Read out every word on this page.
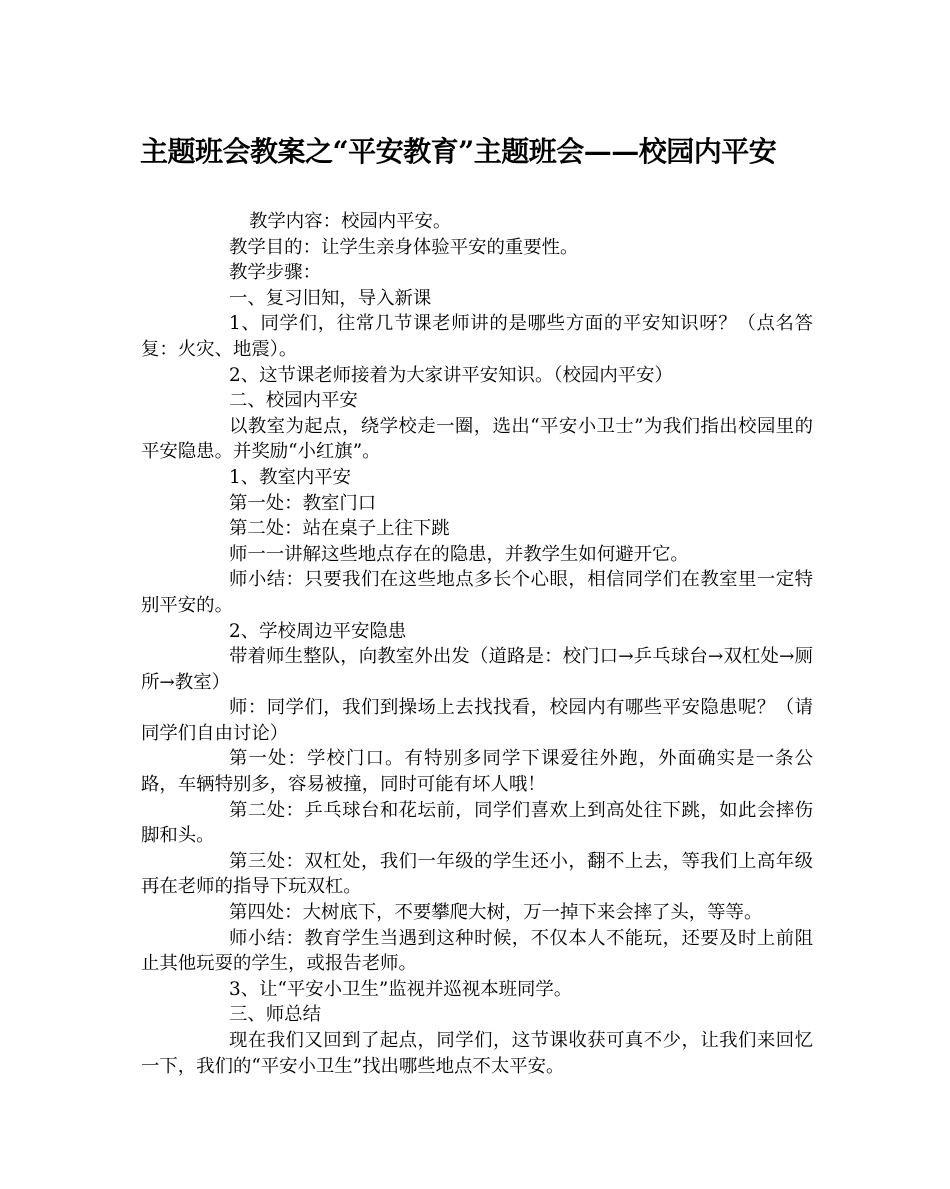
主题班会教案之“平安教育”主题班会——校园内平安

教学内容：校园内平安。

教学目的：让学生亲身体验平安的重要性。

教学步骤：

一、复习旧知，导入新课

1、同学们，往常几节课老师讲的是哪些方面的平安知识呀？（点名答复：火灾、地震）。

2、这节课老师接着为大家讲平安知识。（校园内平安）

二、校园内平安

以教室为起点，绕学校走一圈，选出“平安小卫士”为我们指出校园里的平安隐患。并奖励“小红旗”。

1、教室内平安

第一处：教室门口

第二处：站在桌子上往下跳

师一一讲解这些地点存在的隐患，并教学生如何避开它。

师小结：只要我们在这些地点多长个心眼，相信同学们在教室里一定特别平安的。

2、学校周边平安隐患

带着师生整队，向教室外出发（道路是：校门口→乒乓球台→双杠处→厕所→教室）

师：同学们，我们到操场上去找找看，校园内有哪些平安隐患呢？（请同学们自由讨论）

第一处：学校门口。有特别多同学下课爱往外跑，外面确实是一条公路，车辆特别多，容易被撞，同时可能有坏人哦！

第二处：乒乓球台和花坛前，同学们喜欢上到高处往下跳，如此会摔伤脚和头。

第三处：双杠处，我们一年级的学生还小，翻不上去，等我们上高年级再在老师的指导下玩双杠。

第四处：大树底下，不要攀爬大树，万一掉下来会摔了头，等等。

师小结：教育学生当遇到这种时候，不仅本人不能玩，还要及时上前阻止其他玩耍的学生，或报告老师。

3、让“平安小卫生”监视并巡视本班同学。

三、师总结

现在我们又回到了起点，同学们，这节课收获可真不少，让我们来回忆一下，我们的“平安小卫生”找出哪些地点不太平安。
